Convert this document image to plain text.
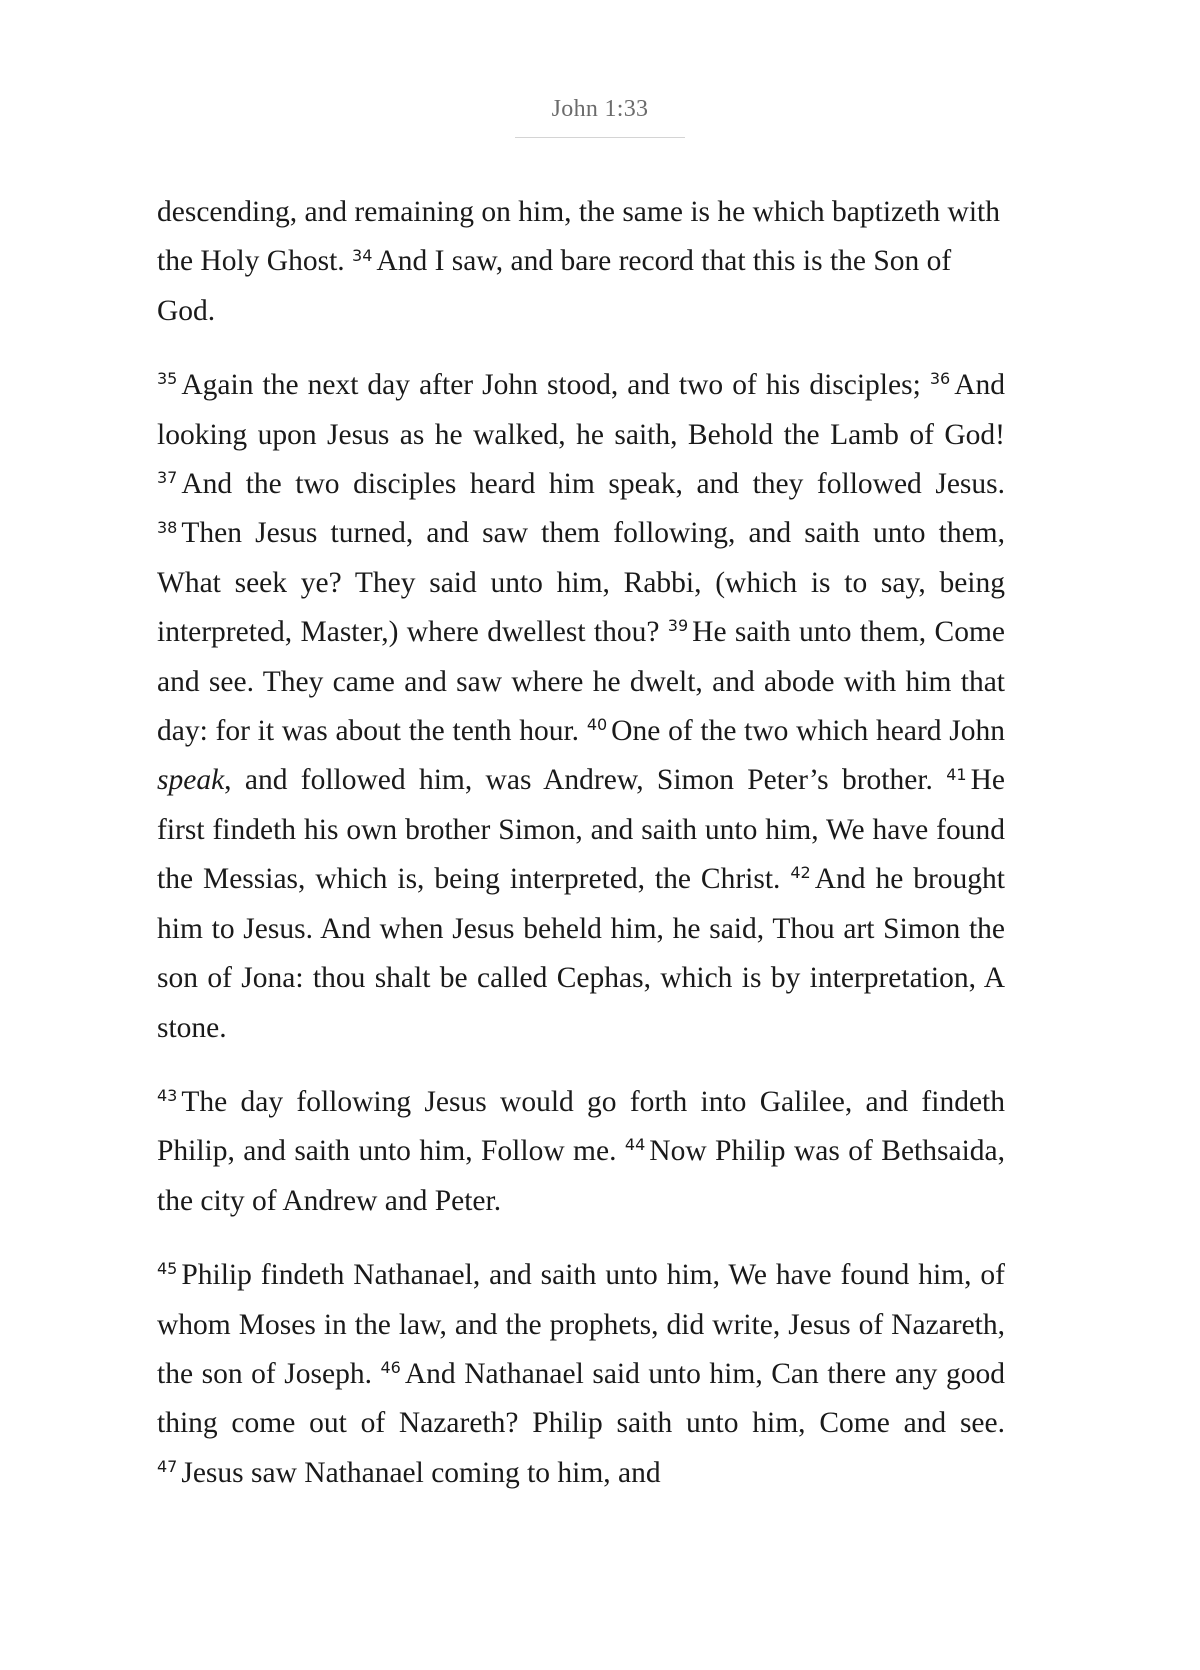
John 1:33

descending, and remaining on him, the same is he which baptizeth with the Holy Ghost. $^{34}$ And I saw, and bare record that this is the Son of God.

$^{35}$ Again the next day after John stood, and two of his disciples; $^{36}$ And looking upon Jesus as he walked, he saith, Behold the Lamb of God! $^{37}$ And the two disciples heard him speak, and they followed Jesus. $^{38}$ Then Jesus turned, and saw them following, and saith unto them, What seek ye? They said unto him, Rabbi, (which is to say, being interpreted, Master,) where dwellest thou? $^{39}$ He saith unto them, Come and see. They came and saw where he dwelt, and abode with him that day: for it was about the tenth hour. $^{40}$ One of the two which heard John speak, and followed him, was Andrew, Simon Peter’s brother. $^{41}$ He first findeth his own brother Simon, and saith unto him, We have found the Messias, which is, being interpreted, the Christ. $^{42}$ And he brought him to Jesus. And when Jesus beheld him, he said, Thou art Simon the son of Jona: thou shalt be called Cephas, which is by interpretation, A stone.

$^{43}$ The day following Jesus would go forth into Galilee, and findeth Philip, and saith unto him, Follow me. $^{44}$ Now Philip was of Bethsaida, the city of Andrew and Peter.

$^{45}$ Philip findeth Nathanael, and saith unto him, We have found him, of whom Moses in the law, and the prophets, did write, Jesus of Nazareth, the son of Joseph. $^{46}$ And Nathanael said unto him, Can there any good thing come out of Nazareth? Philip saith unto him, Come and see. $^{47}$ Jesus saw Nathanael coming to him, and
